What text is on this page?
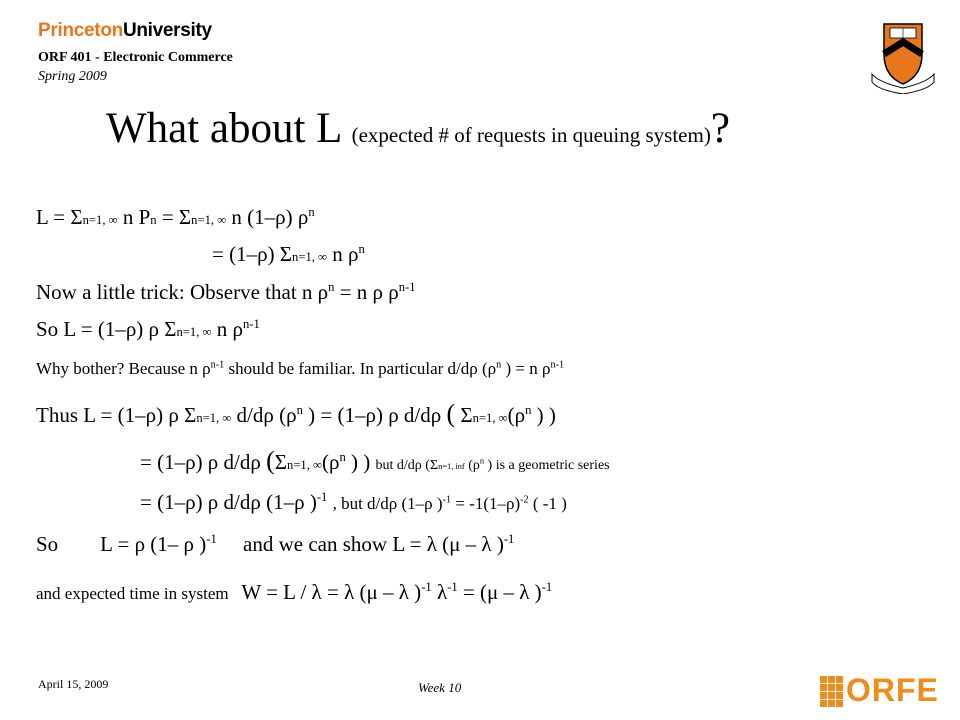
PrincetonUniversity
ORF 401 - Electronic Commerce
Spring 2009
What about L (expected # of requests in queuing system)?
L = Σn=1, ∞ n Pn = Σn=1, ∞ n (1–ρ) $\rho^n$
= (1–ρ) Σn=1, ∞ n $\rho^n$
Now a little trick: Observe that n $\rho^n = n$ ρ $\rho^{n-1}$
So L = (1–ρ) ρ Σn=1, ∞ n $\rho^{n-1}$
Why bother? Because n $\rho^{n-1}$ should be familiar. In particular d/dρ ($\rho^n$ ) = n $\rho^{n-1}$
Thus L = (1–ρ) ρ Σn=1, ∞ d/dρ ($\rho^n$ ) = (1–ρ) ρ d/dρ ( Σn=1, $\infty(\rho^n$ ) )
= (1–ρ) ρ d/dρ (Σn=1, $\infty(\rho^n$ ) ) but d/dρ (Σn=1, inf ($\rho^n$ ) is a geometric series
= (1–ρ) ρ d/dρ (1–ρ )$^{-1}$ , but d/dρ (1–ρ )$^{-1} = -1(1-\rho)^{-2}$ ( -1 )
So        L = ρ (1– ρ )$^{-1}$     and we can show L = λ (μ – λ )$^{-1}$
and expected time in system   W = L / λ = λ (μ – λ )$^{-1}$ $\lambda^{-1} = (\mu - \lambda$ )$^{-1}$
April 15, 2009	Week 10	ORFE
